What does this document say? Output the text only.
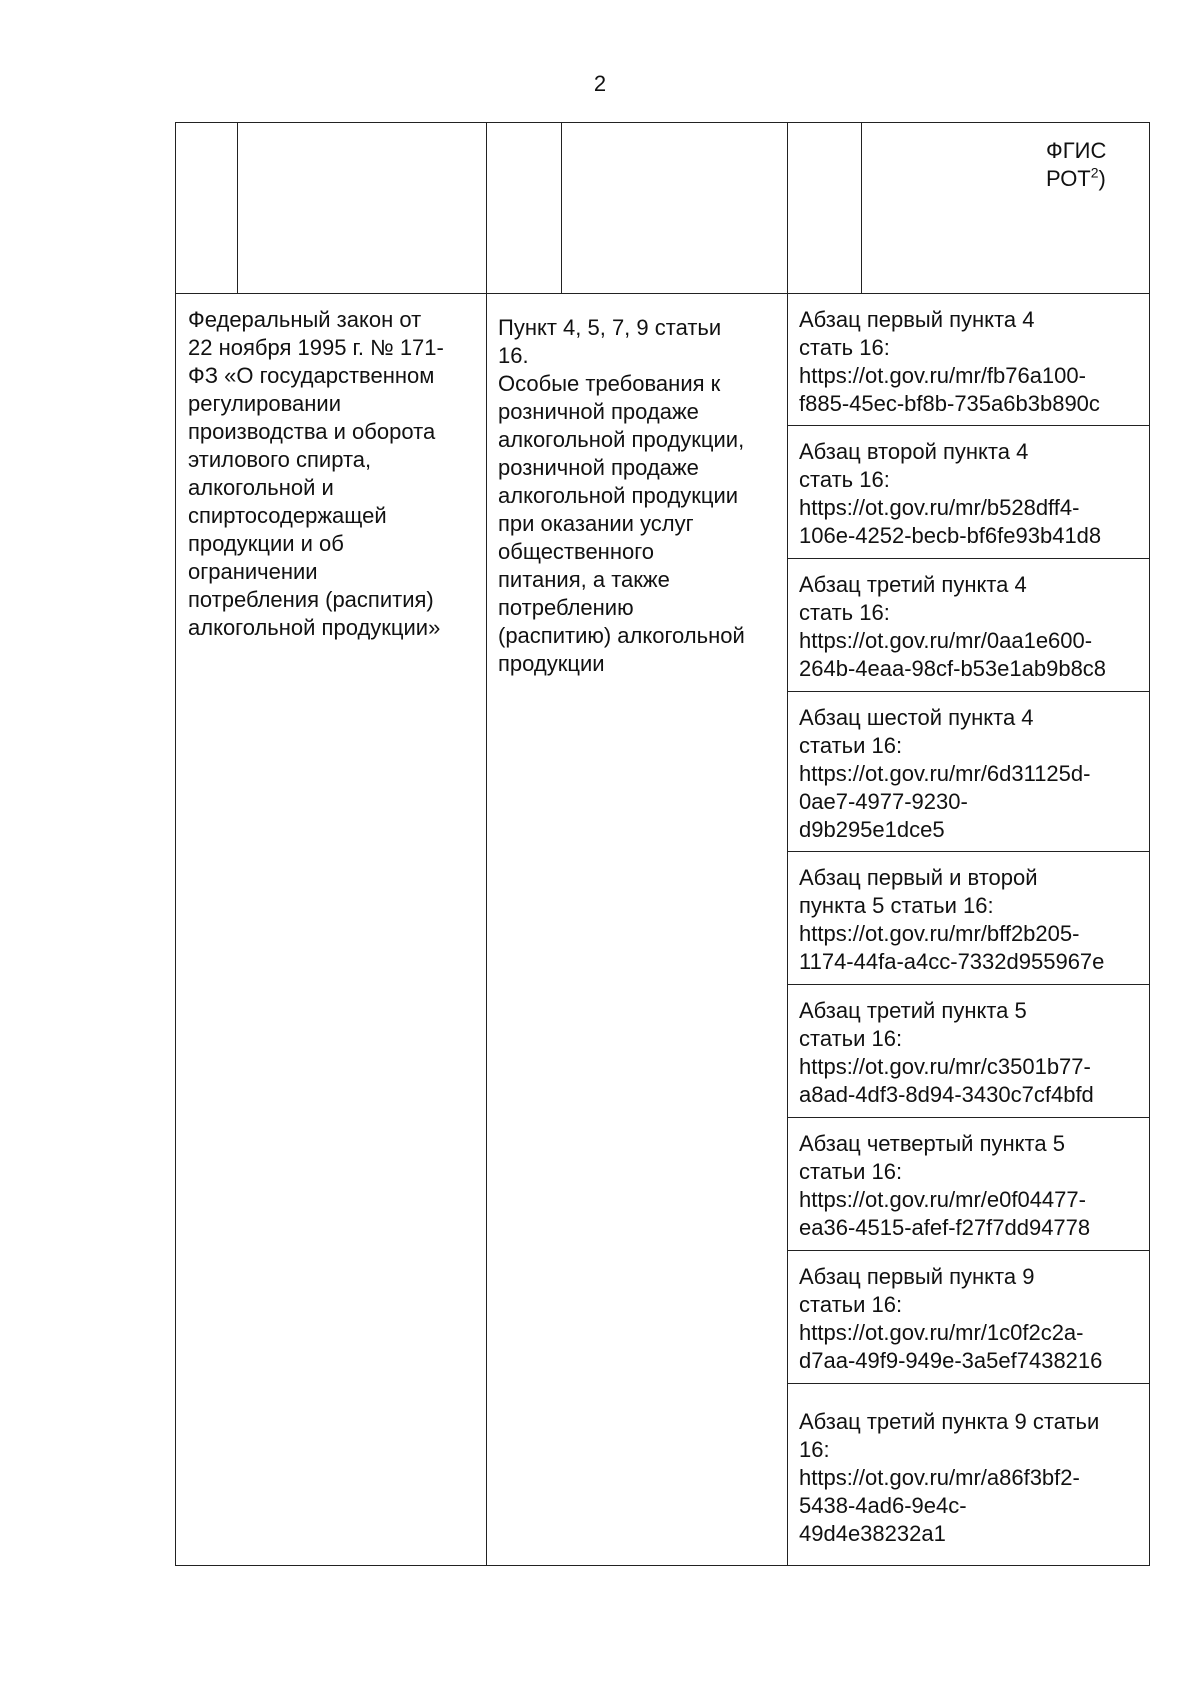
2
ФГИС РОТ$^2$)
Федеральный закон от
22 ноября 1995 г. № 171-
ФЗ «О государственном
регулировании
производства и оборота
этилового спирта,
алкогольной и
спиртосодержащей
продукции и об
ограничении
потребления (распития)
алкогольной продукции»
Пункт 4, 5, 7, 9 статьи
16.
Особые требования к
розничной продаже
алкогольной продукции,
розничной продаже
алкогольной продукции
при оказании услуг
общественного
питания, а также
потреблению
(распитию) алкогольной
продукции
Абзац первый пункта 4
стать 16:
https://ot.gov.ru/mr/fb76a100-
f885-45ec-bf8b-735a6b3b890c
Абзац второй пункта 4
стать 16:
https://ot.gov.ru/mr/b528dff4-
106e-4252-becb-bf6fe93b41d8
Абзац третий пункта 4
стать 16:
https://ot.gov.ru/mr/0aa1e600-
264b-4eaa-98cf-b53e1ab9b8c8
Абзац шестой пункта 4
статьи 16:
https://ot.gov.ru/mr/6d31125d-
0ae7-4977-9230-
d9b295e1dce5
Абзац первый и второй
пункта 5 статьи 16:
https://ot.gov.ru/mr/bff2b205-
1174-44fa-a4cc-7332d955967e
Абзац третий пункта 5
статьи 16:
https://ot.gov.ru/mr/c3501b77-
a8ad-4df3-8d94-3430c7cf4bfd
Абзац четвертый пункта 5
статьи 16:
https://ot.gov.ru/mr/e0f04477-
ea36-4515-afef-f27f7dd94778
Абзац первый пункта 9
статьи 16:
https://ot.gov.ru/mr/1c0f2c2a-
d7aa-49f9-949e-3a5ef7438216
Абзац третий пункта 9 статьи
16:
https://ot.gov.ru/mr/a86f3bf2-
5438-4ad6-9e4c-
49d4e38232a1
